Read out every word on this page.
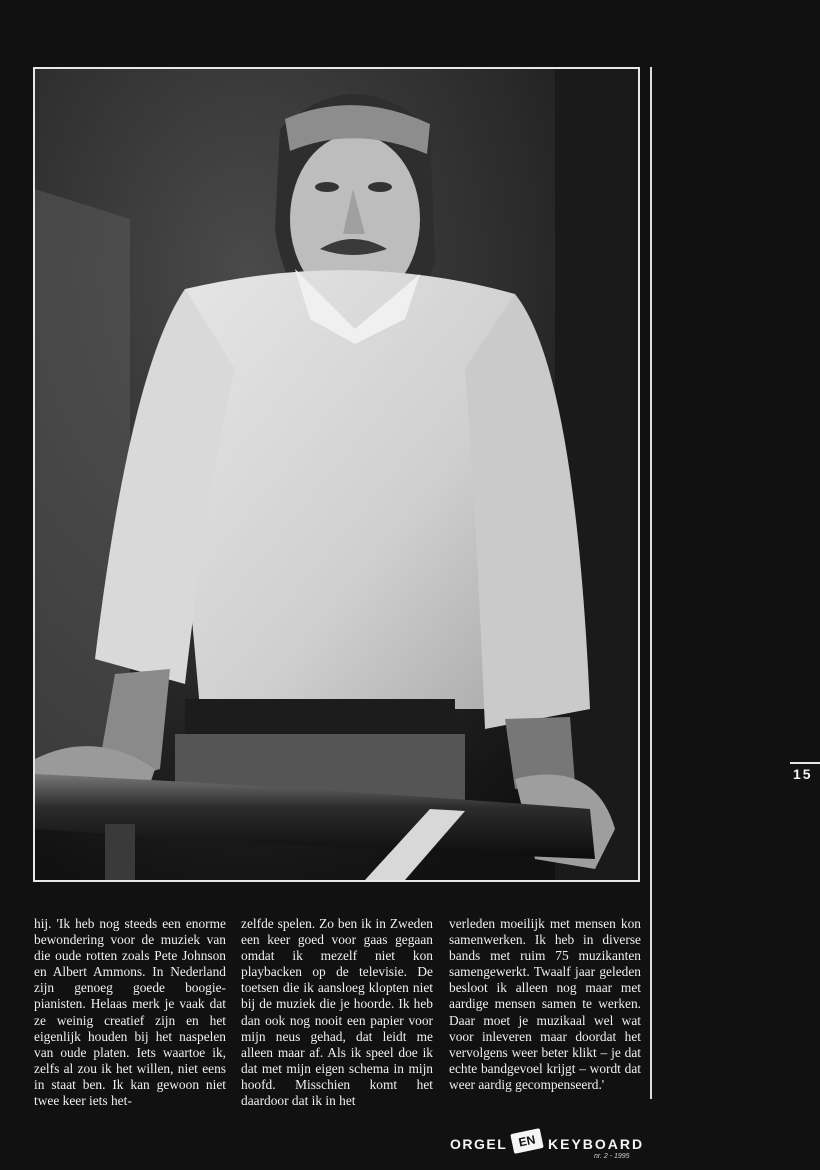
15

hij. 'Ik heb nog steeds een enorme bewondering voor de muziek van die oude rotten zoals Pete Johnson en Albert Ammons. In Nederland zijn genoeg goede boogie-pianisten. Helaas merk je vaak dat ze weinig creatief zijn en het eigenlijk houden bij het naspelen van oude platen. Iets waartoe ik, zelfs al zou ik het willen, niet eens in staat ben. Ik kan gewoon niet twee keer iets het-

zelfde spelen. Zo ben ik in Zweden een keer goed voor gaas gegaan omdat ik mezelf niet kon playbacken op de televisie. De toetsen die ik aansloeg klopten niet bij de muziek die je hoorde. Ik heb dan ook nog nooit een papier voor mijn neus gehad, dat leidt me alleen maar af. Als ik speel doe ik dat met mijn eigen schema in mijn hoofd. Misschien komt het daardoor dat ik in het

verleden moeilijk met mensen kon samenwerken. Ik heb in diverse bands met ruim 75 muzikanten samengewerkt. Twaalf jaar geleden besloot ik alleen nog maar met aardige mensen samen te werken. Daar moet je muzikaal wel wat voor inleveren maar doordat het vervolgens weer beter klikt – je dat echte bandgevoel krijgt – wordt dat weer aardig gecompenseerd.'

ORGEL EN KEYBOARD
nr. 2 - 1995
